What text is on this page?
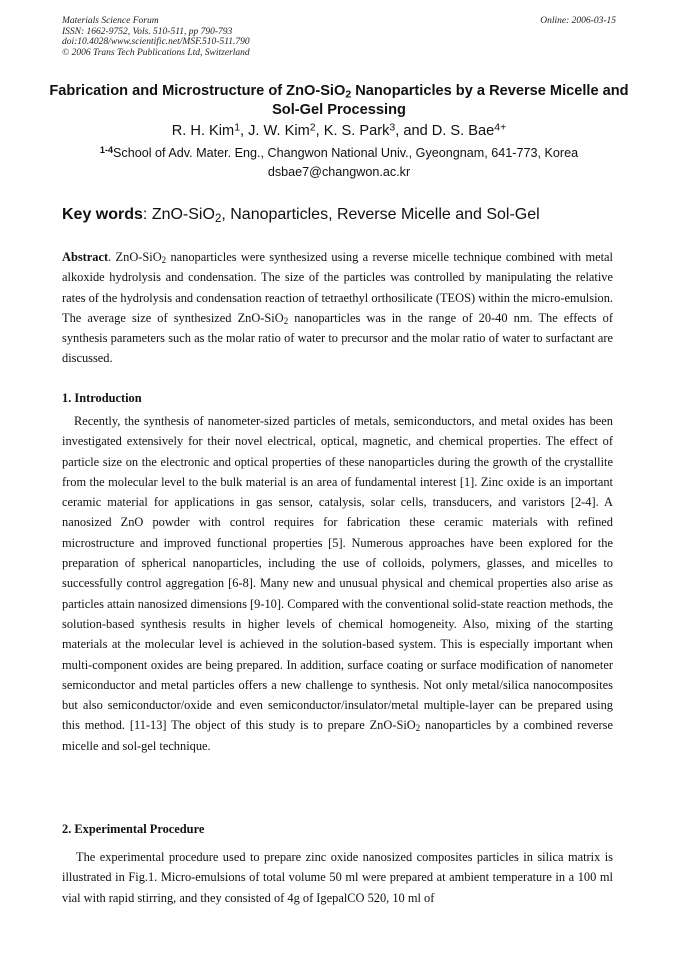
Materials Science Forum
ISSN: 1662-9752, Vols. 510-511, pp 790-793
doi:10.4028/www.scientific.net/MSF.510-511.790
© 2006 Trans Tech Publications Ltd, Switzerland
Online: 2006-03-15
Fabrication and Microstructure of ZnO-SiO$_2$ Nanoparticles by a Reverse Micelle and Sol-Gel Processing
R. H. Kim$^1$, J. W. Kim$^2$, K. S. Park$^3$, and D. S. Bae$^{4+}$
$^{1-4}$School of Adv. Mater. Eng., Changwon National Univ., Gyeongnam, 641-773, Korea
dsbae7@changwon.ac.kr
Key words: ZnO-SiO$_2$, Nanoparticles, Reverse Micelle and Sol-Gel
Abstract. ZnO-SiO$_2$ nanoparticles were synthesized using a reverse micelle technique combined with metal alkoxide hydrolysis and condensation. The size of the particles was controlled by manipulating the relative rates of the hydrolysis and condensation reaction of tetraethyl orthosilicate (TEOS) within the micro-emulsion. The average size of synthesized ZnO-SiO$_2$ nanoparticles was in the range of 20-40 nm. The effects of synthesis parameters such as the molar ratio of water to precursor and the molar ratio of water to surfactant are discussed.
1. Introduction
Recently, the synthesis of nanometer-sized particles of metals, semiconductors, and metal oxides has been investigated extensively for their novel electrical, optical, magnetic, and chemical properties. The effect of particle size on the electronic and optical properties of these nanoparticles during the growth of the crystallite from the molecular level to the bulk material is an area of fundamental interest [1]. Zinc oxide is an important ceramic material for applications in gas sensor, catalysis, solar cells, transducers, and varistors [2-4]. A nanosized ZnO powder with control requires for fabrication these ceramic materials with refined microstructure and improved functional properties [5]. Numerous approaches have been explored for the preparation of spherical nanoparticles, including the use of colloids, polymers, glasses, and micelles to successfully control aggregation [6-8]. Many new and unusual physical and chemical properties also arise as particles attain nanosized dimensions [9-10]. Compared with the conventional solid-state reaction methods, the solution-based synthesis results in higher levels of chemical homogeneity. Also, mixing of the starting materials at the molecular level is achieved in the solution-based system. This is especially important when multi-component oxides are being prepared. In addition, surface coating or surface modification of nanometer semiconductor and metal particles offers a new challenge to synthesis. Not only metal/silica nanocomposites but also semiconductor/oxide and even semiconductor/insulator/metal multiple-layer can be prepared using this method. [11-13] The object of this study is to prepare ZnO-SiO$_2$ nanoparticles by a combined reverse micelle and sol-gel technique.
2. Experimental Procedure
The experimental procedure used to prepare zinc oxide nanosized composites particles in silica matrix is illustrated in Fig.1. Micro-emulsions of total volume 50 ml were prepared at ambient temperature in a 100 ml vial with rapid stirring, and they consisted of 4g of IgepalCO 520, 10 ml of
